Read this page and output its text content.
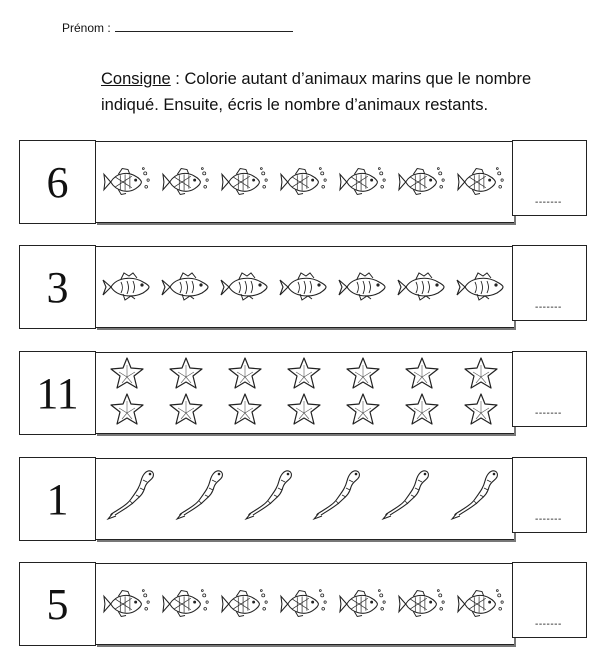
Prénom :
Consigne : Colorie autant d’animaux marins que le nombre indiqué. Ensuite, écris le nombre d’animaux restants.
6	-------
3	-------
11	-------
1	-------
5	-------
